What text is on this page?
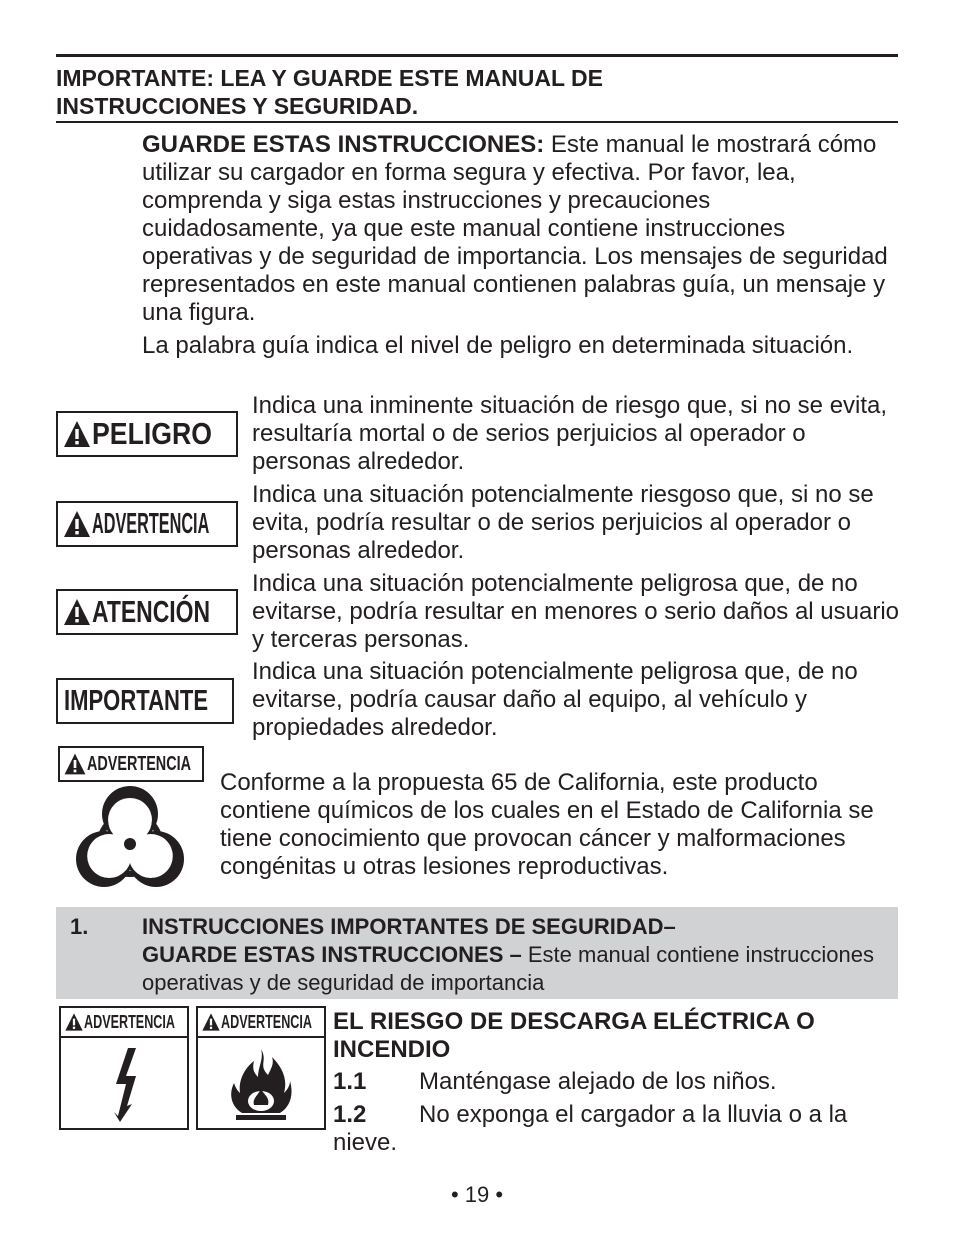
IMPORTANTE: LEA Y GUARDE ESTE MANUAL DE
INSTRUCCIONES Y SEGURIDAD.
GUARDE ESTAS INSTRUCCIONES: Este manual le mostrará cómo utilizar su cargador en forma segura y efectiva. Por favor, lea, comprenda y siga estas instrucciones y precauciones cuidadosamente, ya que este manual contiene instrucciones operativas y de seguridad de importancia. Los mensajes de seguridad representados en este manual contienen palabras guía, un mensaje y una figura.
La palabra guía indica el nivel de peligro en determinada situación.
PELIGRO
Indica una inminente situación de riesgo que, si no se evita, resultaría mortal o de serios perjuicios al operador o personas alrededor.
ADVERTENCIA
Indica una situación potencialmente riesgoso que, si no se evita, podría resultar o de serios perjuicios al operador o personas alrededor.
ATENCIÓN
Indica una situación potencialmente peligrosa que, de no evitarse, podría resultar en menores o serio daños al usuario y terceras personas.
IMPORTANTE
Indica una situación potencialmente peligrosa que, de no evitarse, podría causar daño al equipo, al vehículo y propiedades alrededor.
ADVERTENCIA
Conforme a la propuesta 65 de California, este producto contiene químicos de los cuales en el Estado de California se tiene conocimiento que provocan cáncer y malformaciones congénitas u otras lesiones reproductivas.
1. INSTRUCCIONES IMPORTANTES DE SEGURIDAD–
GUARDE ESTAS INSTRUCCIONES – Este manual contiene instrucciones operativas y de seguridad de importancia
ADVERTENCIA	ADVERTENCIA EL RIESGO DE DESCARGA ELÉCTRICA O INCENDIO
1.1 Manténgase alejado de los niños.
1.2 No exponga el cargador a la lluvia o a la nieve.
• 19 •
